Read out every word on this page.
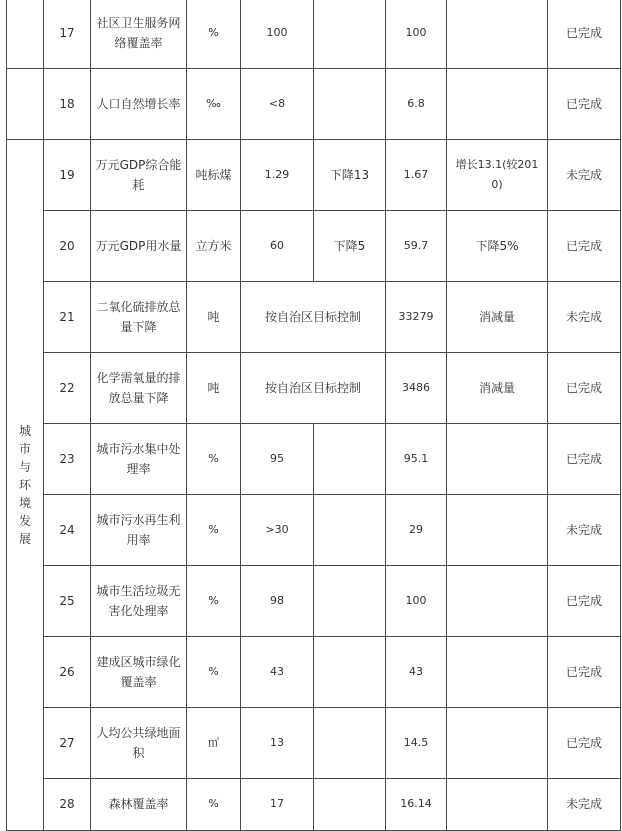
	17	社区卫生服务网络覆盖率	%	100		100		已完成
	18	人口自然增长率	‰	<8		6.8		已完成

城市与环境发展	19	万元GDP综合能耗	吨标煤	1.29	下降13	1.67	增长13.1(较2010)	未完成
	20	万元GDP用水量	立方米	60	下降5	59.7	下降5%	已完成
	21	二氧化硫排放总量下降	吨	按自治区目标控制		33279	消减量	未完成
	22	化学需氧量的排放总量下降	吨	按自治区目标控制		3486	消减量	已完成
	23	城市污水集中处理率	%	95		95.1		已完成
	24	城市污水再生利用率	%	>30		29		未完成
	25	城市生活垃圾无害化处理率	%	98		100		已完成
	26	建成区城市绿化覆盖率	%	43		43		已完成
	27	人均公共绿地面积	㎡	13		14.5		已完成
	28	森林覆盖率	%	17		16.14		未完成
